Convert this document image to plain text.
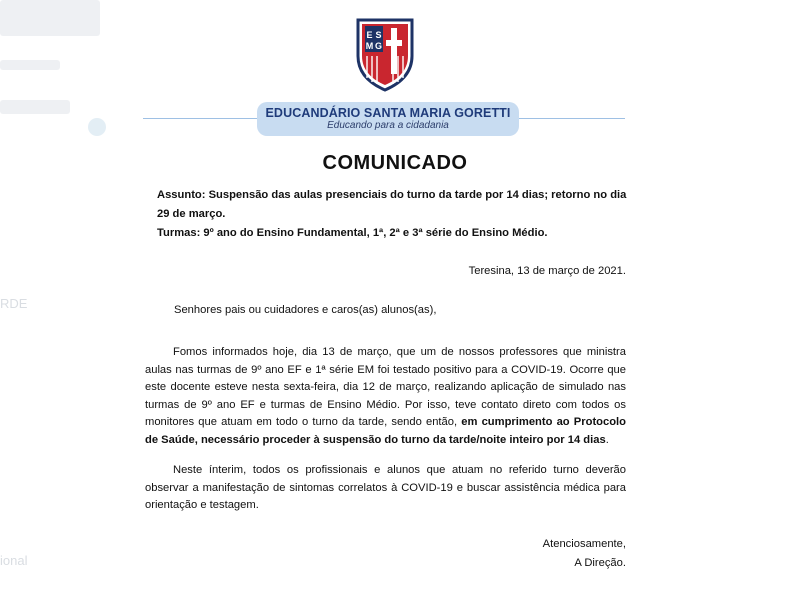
RDE
ional
E S
M G
EDUCANDÁRIO SANTA MARIA GORETTI
Educando para a cidadania
COMUNICADO
Assunto: Suspensão das aulas presenciais do turno da tarde por 14 dias; retorno no dia
29 de março.
Turmas: 9º ano do Ensino Fundamental, 1ª, 2ª e 3ª série do Ensino Médio.
Teresina, 13 de março de 2021.
Senhores pais ou cuidadores e caros(as) alunos(as),
Fomos informados hoje, dia 13 de março, que um de nossos professores que ministra aulas nas turmas de 9º ano EF e 1ª série EM foi testado positivo para a COVID-19. Ocorre que este docente esteve nesta sexta-feira, dia 12 de março, realizando aplicação de simulado nas turmas de 9º ano EF e turmas de Ensino Médio. Por isso, teve contato direto com todos os monitores que atuam em todo o turno da tarde, sendo então, em cumprimento ao Protocolo de Saúde, necessário proceder à suspensão do turno da tarde/noite inteiro por 14 dias.
Neste ínterim, todos os profissionais e alunos que atuam no referido turno deverão observar a manifestação de sintomas correlatos à COVID-19 e buscar assistência médica para orientação e testagem.
Atenciosamente,
A Direção.
